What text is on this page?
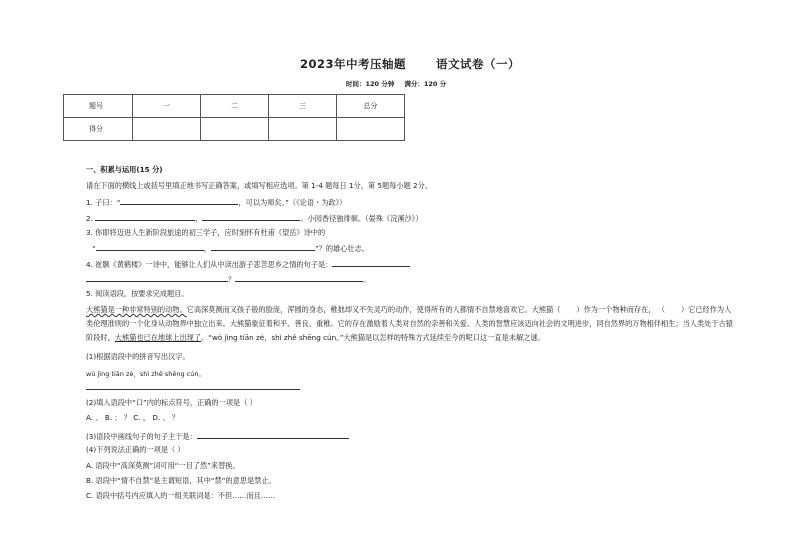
2023年中考压轴题	语文试卷（一）
时间：120 分钟 满分：120 分
题号	一	二	三	总分
得分				
一、积累与运用(15 分)
请在下面的横线上或括号里填正地书写正确答案，或填写相应选项。第 1-4 题每日 1分，第 5题每小题 2分。
1. 子曰：“	，可以为师矣。”（《论语・为政》）
2.	，	。小园香径独徘徊。（晏殊《浣溪沙》）
3. 你即将迈进人生新阶段旅途的初三学子，应时刻怀有杜甫《望岳》诗中的
“	，	”？的雄心壮志。
4. 崔颢《黄鹤楼》一诗中，能够让人们从中读出游子悲苦思乡之情的句子是：
？	。
5. 阅读语段，按要求完成题目。
大熊猫是一种非常特别的动物。它高深莫测而又孩子般的脸庞，浑圆的身态，稚拙却又不失灵巧的动作，使得所有的人都情不自禁地喜欢它。大熊猫（ ）作为一个物种而存在， （ ）它已经作为人类伦理准则的一个化身从动物界中独立出来。大熊猫象征着和平、善良、重稚。它的存在激励着人类对自然的亲善和关爱。人类的智慧应该迈向社会的文明进步，同自然界的万物相伴相生；当人类处于古猿阶段时，大熊猫也已在地球上出现了。“wò jìng tiān zé，shì zhě shēng cún。”大熊猫是以怎样的特殊方式延续至今的呢口这一直是未解之谜。
(1)根据语段中的拼音写出汉字。
wù jìng tiān zé，shì zhě shēng cún。
(2)填入语段中“口”内的标点符号，正确的一项是（ ）
A. 、 B. ； ？ C. ， D. 、 ？
(3)语段中画线句子的句子主干是：
(4)下列说法正确的一项是（ ）
A. 语段中“高深莫测”词可用“一目了然”来替换。
B. 语段中“情不自禁”是主谓短语，其中“禁”的意思是禁止。
C. 语段中括号内应填入的一组关联词是：不但……而且……
